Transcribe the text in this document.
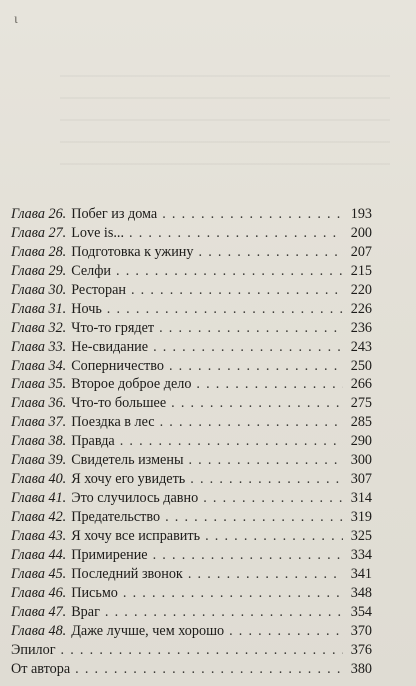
ι
Глава 26. Побег из дома . . .	193
Глава 27. Love is... . . .	200
Глава 28. Подготовка к ужину . . .	207
Глава 29. Селфи . . .	215
Глава 30. Ресторан . . .	220
Глава 31. Ночь . . .	226
Глава 32. Что-то грядет . . .	236
Глава 33. Не-свидание . . .	243
Глава 34. Соперничество . . .	250
Глава 35. Второе доброе дело . . .	266
Глава 36. Что-то большее . . .	275
Глава 37. Поездка в лес . . .	285
Глава 38. Правда . . .	290
Глава 39. Свидетель измены . . .	300
Глава 40. Я хочу его увидеть . . .	307
Глава 41. Это случилось давно . . .	314
Глава 42. Предательство . . .	319
Глава 43. Я хочу все исправить . . .	325
Глава 44. Примирение . . .	334
Глава 45. Последний звонок . . .	341
Глава 46. Письмо . . .	348
Глава 47. Враг . . .	354
Глава 48. Даже лучше, чем хорошо . . .	370
Эпилог . . .	376
От автора . . .	380
